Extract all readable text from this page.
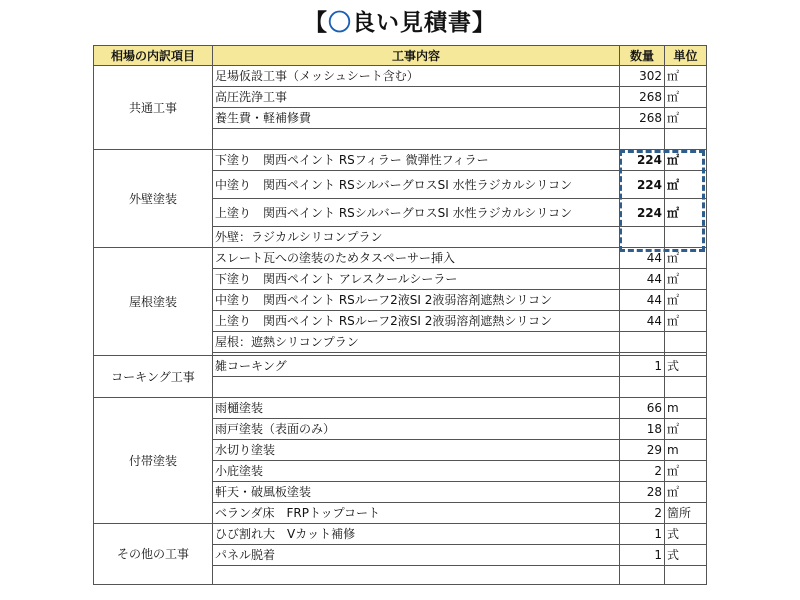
【〇良い見積書】
相場の内訳項目	工事内容	数量	単位
共通工事	足場仮設工事（メッシュシート含む）	302	㎡
	高圧洗浄工事	268	㎡
	養生費・軽補修費	268	㎡

外壁塗装	下塗り　関西ペイント RSフィラー 微弾性フィラー	224	㎡
	中塗り　関西ペイント RSシルバーグロスSI 水性ラジカルシリコン	224	㎡
	上塗り　関西ペイント RSシルバーグロスSI 水性ラジカルシリコン	224	㎡
	外壁：ラジカルシリコンプラン		
屋根塗装	スレート瓦への塗装のためタスペーサー挿入	44	㎡
	下塗り　関西ペイント アレスクールシーラー	44	㎡
	中塗り　関西ペイント RSルーフ2液SI 2液弱溶剤遮熱シリコン	44	㎡
	上塗り　関西ペイント RSルーフ2液SI 2液弱溶剤遮熱シリコン	44	㎡
	屋根：遮熱シリコンプラン		

コーキング工事	雑コーキング	1	式

付帯塗装	雨樋塗装	66	m
	雨戸塗装（表面のみ）	18	㎡
	水切り塗装	29	m
	小庇塗装	2	㎡
	軒天・破風板塗装	28	㎡
	ベランダ床　FRPトップコート	2	箇所
その他の工事	ひび割れ大　Vカット補修	1	式
	パネル脱着	1	式
